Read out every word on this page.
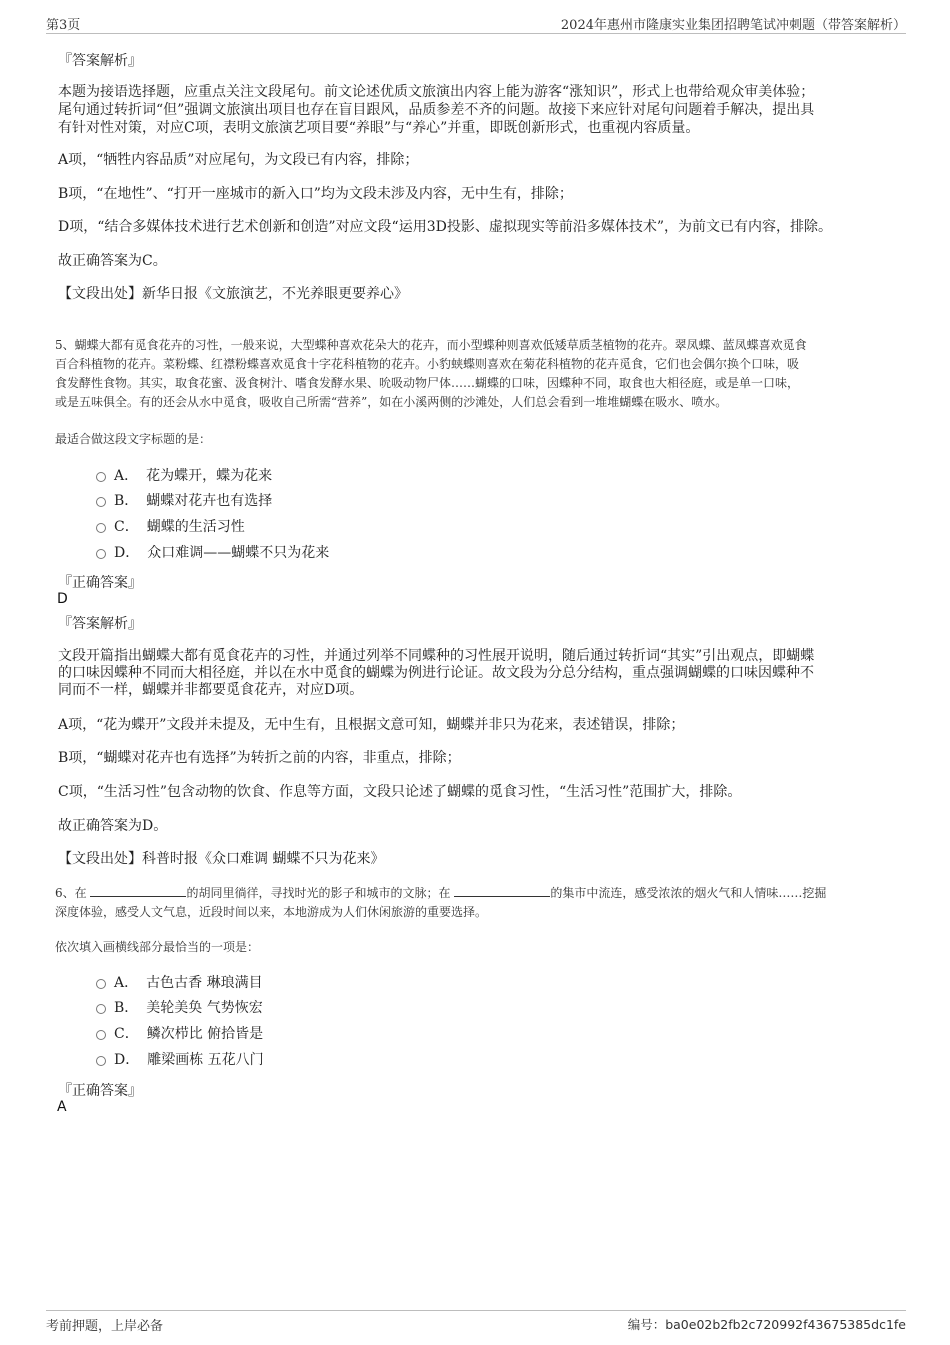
第3页	2024年惠州市隆康实业集团招聘笔试冲刺题（带答案解析）
『答案解析』
本题为接语选择题，应重点关注文段尾句。前文论述优质文旅演出内容上能为游客“涨知识”，形式上也带给观众审美体验；
尾句通过转折词“但”强调文旅演出项目也存在盲目跟风，品质参差不齐的问题。故接下来应针对尾句问题着手解决，提出具
有针对性对策，对应C项，表明文旅演艺项目要“养眼”与“养心”并重，即既创新形式，也重视内容质量。
A项，“牺牲内容品质”对应尾句，为文段已有内容，排除；
B项，“在地性”、“打开一座城市的新入口”均为文段未涉及内容，无中生有，排除；
D项，“结合多媒体技术进行艺术创新和创造”对应文段“运用3D投影、虚拟现实等前沿多媒体技术”，为前文已有内容，排除。
故正确答案为C。
【文段出处】新华日报《文旅演艺，不光养眼更要养心》
5、蝴蝶大都有觅食花卉的习性，一般来说，大型蝶种喜欢花朵大的花卉，而小型蝶种则喜欢低矮草质茎植物的花卉。翠凤蝶、蓝凤蝶喜欢觅食
百合科植物的花卉。菜粉蝶、红襟粉蝶喜欢觅食十字花科植物的花卉。小豹蛱蝶则喜欢在菊花科植物的花卉觅食，它们也会偶尔换个口味，吸
食发酵性食物。其实，取食花蜜、汲食树汁、嗜食发酵水果、吮吸动物尸体……蝴蝶的口味，因蝶种不同，取食也大相径庭，或是单一口味，
或是五味俱全。有的还会从水中觅食，吸收自己所需“营养”，如在小溪两侧的沙滩处，人们总会看到一堆堆蝴蝶在吸水、喷水。
最适合做这段文字标题的是：
A． 花为蝶开，蝶为花来
B． 蝴蝶对花卉也有选择
C． 蝴蝶的生活习性
D． 众口难调——蝴蝶不只为花来
『正确答案』
D
『答案解析』
文段开篇指出蝴蝶大都有觅食花卉的习性，并通过列举不同蝶种的习性展开说明，随后通过转折词“其实”引出观点，即蝴蝶
的口味因蝶种不同而大相径庭，并以在水中觅食的蝴蝶为例进行论证。故文段为分总分结构，重点强调蝴蝶的口味因蝶种不
同而不一样，蝴蝶并非都要觅食花卉，对应D项。
A项，“花为蝶开”文段并未提及，无中生有，且根据文意可知，蝴蝶并非只为花来，表述错误，排除；
B项，“蝴蝶对花卉也有选择”为转折之前的内容，非重点，排除；
C项，“生活习性”包含动物的饮食、作息等方面，文段只论述了蝴蝶的觅食习性，“生活习性”范围扩大，排除。
故正确答案为D。
【文段出处】科普时报《众口难调 蝴蝶不只为花来》
6、在	的胡同里徜徉，寻找时光的影子和城市的文脉；在	的集市中流连，感受浓浓的烟火气和人情味……挖掘
深度体验，感受人文气息，近段时间以来，本地游成为人们休闲旅游的重要选择。
依次填入画横线部分最恰当的一项是：
A． 古色古香 琳琅满目
B． 美轮美奂 气势恢宏
C． 鳞次栉比 俯拾皆是
D． 雕梁画栋 五花八门
『正确答案』
A
考前押题，上岸必备	编号：ba0e02b2fb2c720992f43675385dc1fe
